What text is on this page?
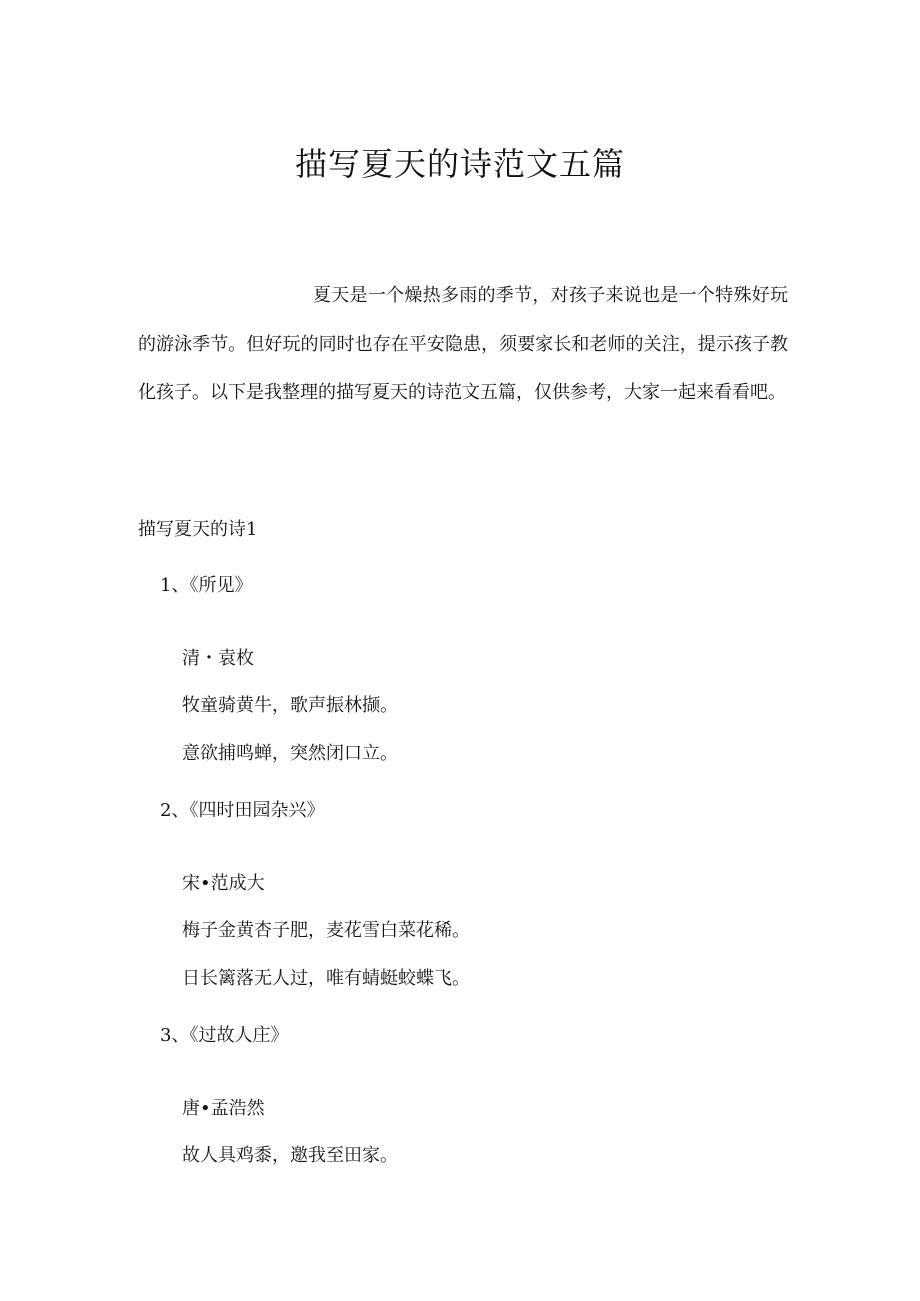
描写夏天的诗范文五篇

夏天是一个燥热多雨的季节，对孩子来说也是一个特殊好玩的游泳季节。但好玩的同时也存在平安隐患，须要家长和老师的关注，提示孩子教化孩子。以下是我整理的描写夏天的诗范文五篇，仅供参考，大家一起来看看吧。

描写夏天的诗1
1、《所见》
清・袁枚
牧童骑黄牛，歌声振林撷。
意欲捕鸣蝉，突然闭口立。
2、《四时田园杂兴》
宋•范成大
梅子金黄杏子肥，麦花雪白菜花稀。
日长篱落无人过，唯有蜻蜓蛟蝶飞。
3、《过故人庄》
唐•孟浩然
故人具鸡黍，邀我至田家。
